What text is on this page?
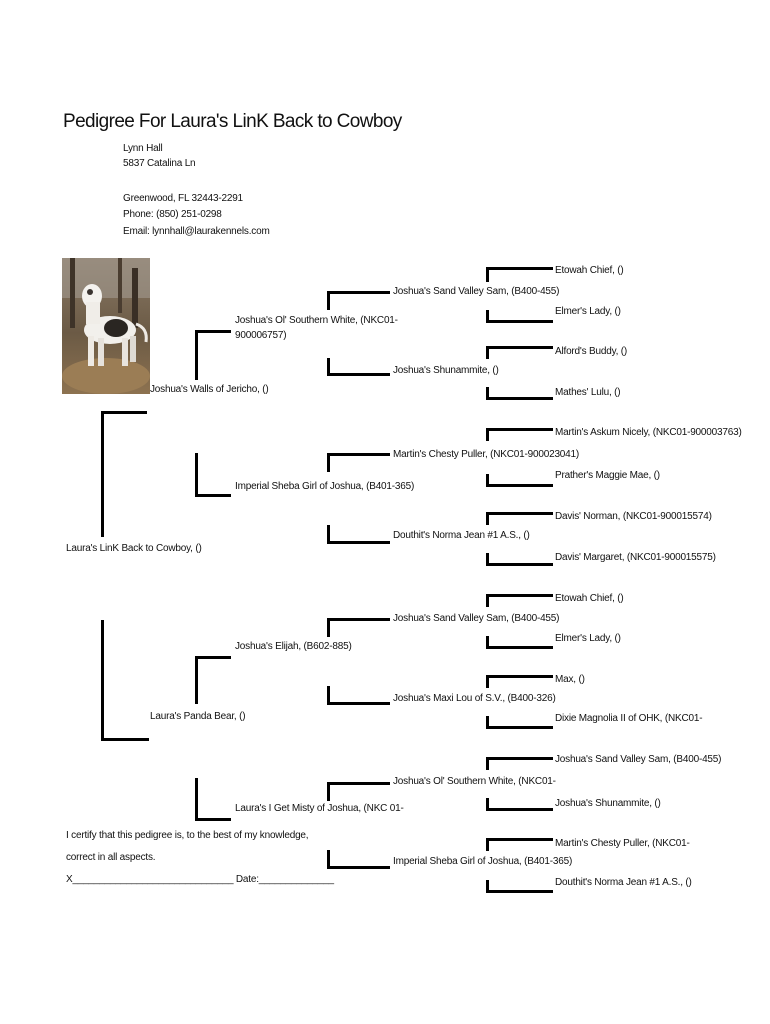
Pedigree For Laura's LinK Back to Cowboy
Lynn Hall
5837 Catalina Ln
Greenwood, FL 32443-2291
Phone: (850) 251-0298
Email: lynnhall@laurakennels.com
Laura's LinK Back to Cowboy, ()
Joshua's Walls of Jericho, ()
Laura's Panda Bear, ()
Joshua's Ol' Southern White, (NKC01-
900006757)
Imperial Sheba Girl of Joshua, (B401-365)
Joshua's Elijah, (B602-885)
Laura's I Get Misty of Joshua, (NKC 01-
Joshua's Sand Valley Sam, (B400-455)
Joshua's Shunammite, ()
Martin's Chesty Puller, (NKC01-900023041)
Douthit's Norma Jean #1 A.S., ()
Joshua's Sand Valley Sam, (B400-455)
Joshua's Maxi Lou of S.V., (B400-326)
Joshua's Ol' Southern White, (NKC01-
Imperial Sheba Girl of Joshua, (B401-365)
Etowah Chief, ()
Elmer's Lady, ()
Alford's Buddy, ()
Mathes' Lulu, ()
Martin's Askum Nicely, (NKC01-900003763)
Prather's Maggie Mae, ()
Davis' Norman, (NKC01-900015574)
Davis' Margaret, (NKC01-900015575)
Etowah Chief, ()
Elmer's Lady, ()
Max, ()
Dixie Magnolia II of OHK, (NKC01-
Joshua's Sand Valley Sam, (B400-455)
Joshua's Shunammite, ()
Martin's Chesty Puller, (NKC01-
Douthit's Norma Jean #1 A.S., ()
I certify that this pedigree is, to the best of my knowledge,
correct in all aspects.
X______________________________ Date:______________
